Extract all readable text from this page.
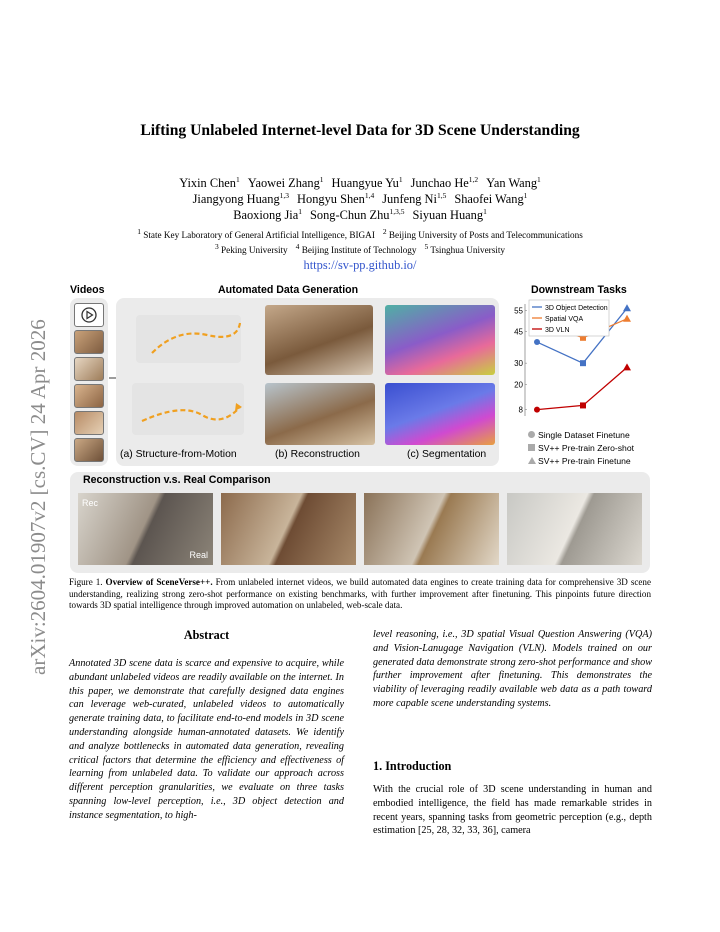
arXiv:2604.01907v2 [cs.CV] 24 Apr 2026
Lifting Unlabeled Internet-level Data for 3D Scene Understanding
Yixin Chen$^1$ Yaowei Zhang$^1$ Huangyue Yu$^1$ Junchao He$^{1,2}$ Yan Wang$^1$
Jiangyong Huang$^{1,3}$ Hongyu Shen$^{1,4}$ Junfeng Ni$^{1,5}$ Shaofei Wang$^1$
Baoxiong Jia$^1$ Song-Chun Zhu$^{1,3,5}$ Siyuan Huang$^1$
$^1$ State Key Laboratory of General Artificial Intelligence, BIGAI $^2$ Beijing University of Posts and Telecommunications
$^3$ Peking University $^4$ Beijing Institute of Technology $^5$ Tsinghua University
https://sv-pp.github.io/
Videos	Automated Data Generation	Downstream Tasks
(a) Structure-from-Motion	(b) Reconstruction	(c) Segmentation
55
45
30
20
8
3D Object Detection
Spatial VQA
3D VLN
Single Dataset Finetune
SV++ Pre-train Zero-shot
SV++ Pre-train Finetune
Reconstruction v.s. Real Comparison
Rec
Real
Figure 1. Overview of SceneVerse++. From unlabeled internet videos, we build automated data engines to create training data for comprehensive 3D scene understanding, realizing strong zero-shot performance on existing benchmarks, with further improvement after finetuning. This pinpoints future direction towards 3D spatial intelligence through improved automation on unlabeled, web-scale data.
Abstract
Annotated 3D scene data is scarce and expensive to acquire, while abundant unlabeled videos are readily available on the internet. In this paper, we demonstrate that carefully designed data engines can leverage web-curated, unlabeled videos to automatically generate training data, to facilitate end-to-end models in 3D scene understanding alongside human-annotated datasets. We identify and analyze bottlenecks in automated data generation, revealing critical factors that determine the efficiency and effectiveness of learning from unlabeled data. To validate our approach across different perception granularities, we evaluate on three tasks spanning low-level perception, i.e., 3D object detection and instance segmentation, to high-
level reasoning, i.e., 3D spatial Visual Question Answering (VQA) and Vision-Lanugage Navigation (VLN). Models trained on our generated data demonstrate strong zero-shot performance and show further improvement after finetuning. This demonstrates the viability of leveraging readily available web data as a path toward more capable scene understanding systems.
1. Introduction
With the crucial role of 3D scene understanding in human and embodied intelligence, the field has made remarkable strides in recent years, spanning tasks from geometric perception (e.g., depth estimation [25, 28, 32, 33, 36], camera
